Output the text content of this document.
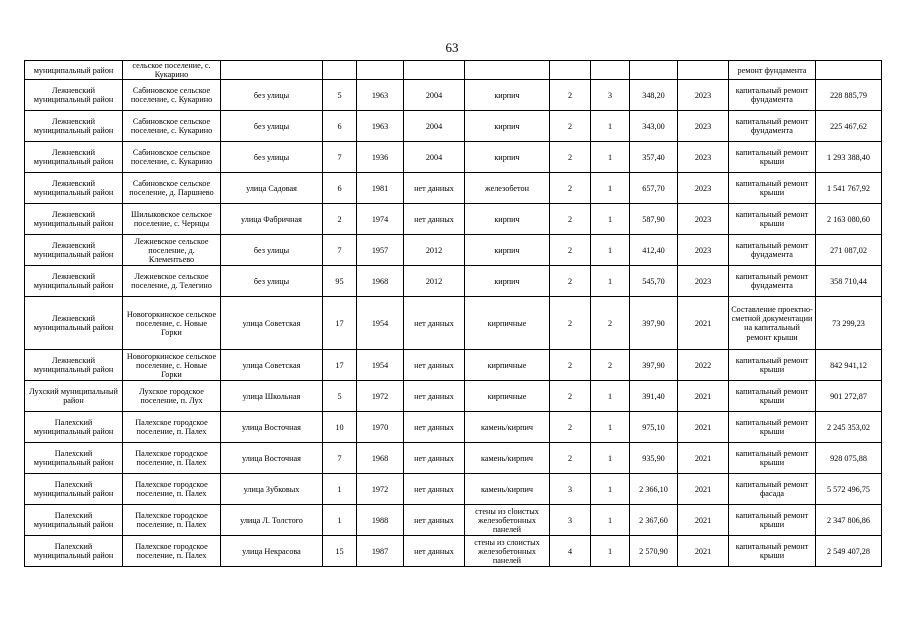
63
муниципальный район	сельское поселение, с. Кукарино										ремонт фундамента	
Лежневский муниципальный район	Сабиновское сельское поселение, с. Кукарино	без улицы	5	1963	2004	кирпич	2	3	348,20	2023	капитальный ремонт фундамента	228 885,79
Лежневский муниципальный район	Сабиновское сельское поселение, с. Кукарино	без улицы	6	1963	2004	кирпич	2	1	343,00	2023	капитальный ремонт фундамента	225 467,62
Лежневский муниципальный район	Сабиновское сельское поселение, с. Кукарино	без улицы	7	1936	2004	кирпич	2	1	357,40	2023	капитальный ремонт крыши	1 293 388,40
Лежневский муниципальный район	Сабиновское сельское поселение, д. Паршнево	улица Садовая	6	1981	нет данных	железобетон	2	1	657,70	2023	капитальный ремонт крыши	1 541 767,92
Лежневский муниципальный район	Шилыковское сельское поселение, с. Чернцы	улица Фабричная	2	1974	нет данных	кирпич	2	1	587,90	2023	капитальный ремонт крыши	2 163 080,60
Лежневский муниципальный район	Лежневское сельское поселение, д. Клементьево	без улицы	7	1957	2012	кирпич	2	1	412,40	2023	капитальный ремонт фундамента	271 087,02
Лежневский муниципальный район	Лежневское сельское поселение, д. Телегино	без улицы	95	1968	2012	кирпич	2	1	545,70	2023	капитальный ремонт фундамента	358 710,44
Лежневский муниципальный район	Новогоркинское сельское поселение, с. Новые Горки	улица Советская	17	1954	нет данных	кирпичные	2	2	397,90	2021	Составление проектно-сметной документации на капитальный ремонт крыши	73 299,23
Лежневский муниципальный район	Новогоркинское сельское поселение, с. Новые Горки	улица Советская	17	1954	нет данных	кирпичные	2	2	397,90	2022	капитальный ремонт крыши	842 941,12
Лухский муниципальный район	Лухское городское поселение, п. Лух	улица Школьная	5	1972	нет данных	кирпичные	2	1	391,40	2021	капитальный ремонт крыши	901 272,87
Палехский муниципальный район	Палехское городское поселение, п. Палех	улица Восточная	10	1970	нет данных	камень/кирпич	2	1	975,10	2021	капитальный ремонт крыши	2 245 353,02
Палехский муниципальный район	Палехское городское поселение, п. Палех	улица Восточная	7	1968	нет данных	камень/кирпич	2	1	935,90	2021	капитальный ремонт крыши	928 075,88
Палехский муниципальный район	Палехское городское поселение, п. Палех	улица Зубковых	1	1972	нет данных	камень/кирпич	3	1	2 366,10	2021	капитальный ремонт фасада	5 572 496,75
Палехский муниципальный район	Палехское городское поселение, п. Палех	улица Л. Толстого	1	1988	нет данных	стены из сloистых железобетонных панелей	3	1	2 367,60	2021	капитальный ремонт крыши	2 347 806,86
Палехский муниципальный район	Палехское городское поселение, п. Палех	улица Некрасова	15	1987	нет данных	стены из слоистых железобетонных панелей	4	1	2 570,90	2021	капитальный ремонт крыши	2 549 407,28
